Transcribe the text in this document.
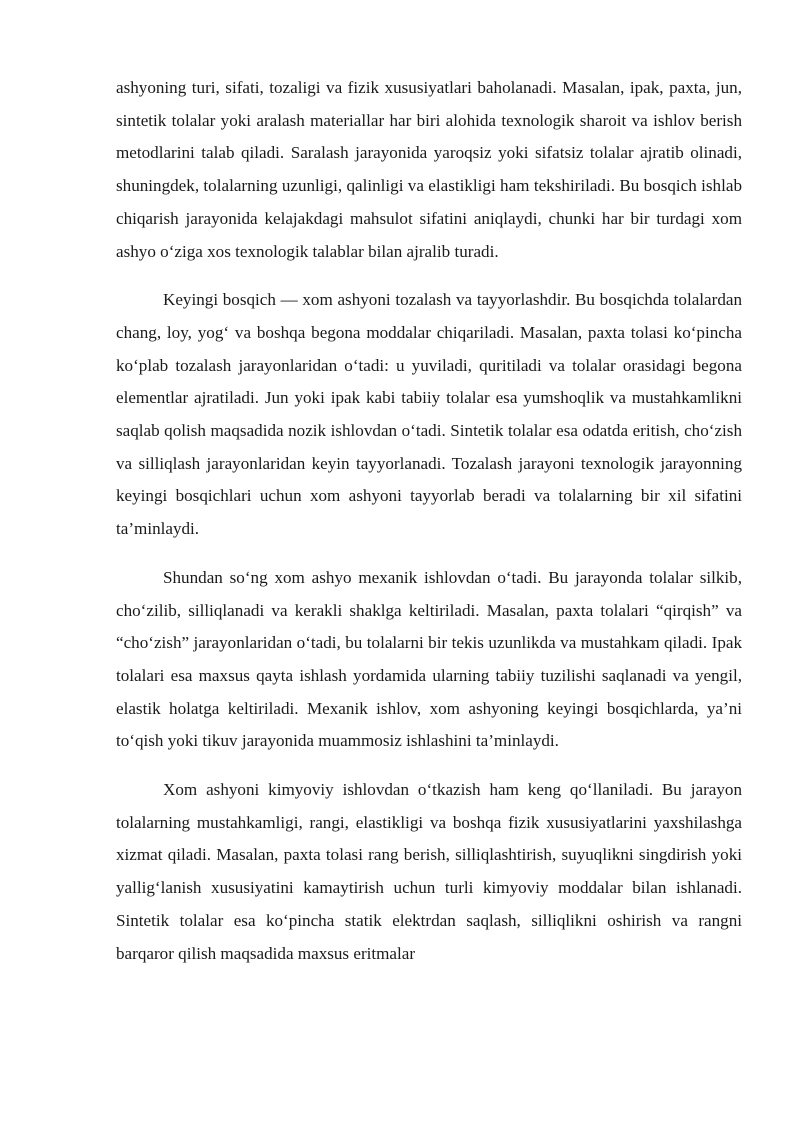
ashyoning turi, sifati, tozaligi va fizik xususiyatlari baholanadi. Masalan, ipak, paxta, jun, sintetik tolalar yoki aralash materiallar har biri alohida texnologik sharoit va ishlov berish metodlarini talab qiladi. Saralash jarayonida yaroqsiz yoki sifatsiz tolalar ajratib olinadi, shuningdek, tolalarning uzunligi, qalinligi va elastikligi ham tekshiriladi. Bu bosqich ishlab chiqarish jarayonida kelajakdagi mahsulot sifatini aniqlaydi, chunki har bir turdagi xom ashyo o‘ziga xos texnologik talablar bilan ajralib turadi.

Keyingi bosqich — xom ashyoni tozalash va tayyorlashdir. Bu bosqichda tolalardan chang, loy, yog‘ va boshqa begona moddalar chiqariladi. Masalan, paxta tolasi ko‘pincha ko‘plab tozalash jarayonlaridan o‘tadi: u yuviladi, quritiladi va tolalar orasidagi begona elementlar ajratiladi. Jun yoki ipak kabi tabiiy tolalar esa yumshoqlik va mustahkamlikni saqlab qolish maqsadida nozik ishlovdan o‘tadi. Sintetik tolalar esa odatda eritish, cho‘zish va silliqlash jarayonlaridan keyin tayyorlanadi. Tozalash jarayoni texnologik jarayonning keyingi bosqichlari uchun xom ashyoni tayyorlab beradi va tolalarning bir xil sifatini ta’minlaydi.

Shundan so‘ng xom ashyo mexanik ishlovdan o‘tadi. Bu jarayonda tolalar silkib, cho‘zilib, silliqlanadi va kerakli shaklga keltiriladi. Masalan, paxta tolalari “qirqish” va “cho‘zish” jarayonlaridan o‘tadi, bu tolalarni bir tekis uzunlikda va mustahkam qiladi. Ipak tolalari esa maxsus qayta ishlash yordamida ularning tabiiy tuzilishi saqlanadi va yengil, elastik holatga keltiriladi. Mexanik ishlov, xom ashyoning keyingi bosqichlarda, ya’ni to‘qish yoki tikuv jarayonida muammosiz ishlashini ta’minlaydi.

Xom ashyoni kimyoviy ishlovdan o‘tkazish ham keng qo‘llaniladi. Bu jarayon tolalarning mustahkamligi, rangi, elastikligi va boshqa fizik xususiyatlarini yaxshilashga xizmat qiladi. Masalan, paxta tolasi rang berish, silliqlashtirish, suyuqlikni singdirish yoki yallig‘lanish xususiyatini kamaytirish uchun turli kimyoviy moddalar bilan ishlanadi. Sintetik tolalar esa ko‘pincha statik elektrdan saqlash, silliqlikni oshirish va rangni barqaror qilish maqsadida maxsus eritmalar
